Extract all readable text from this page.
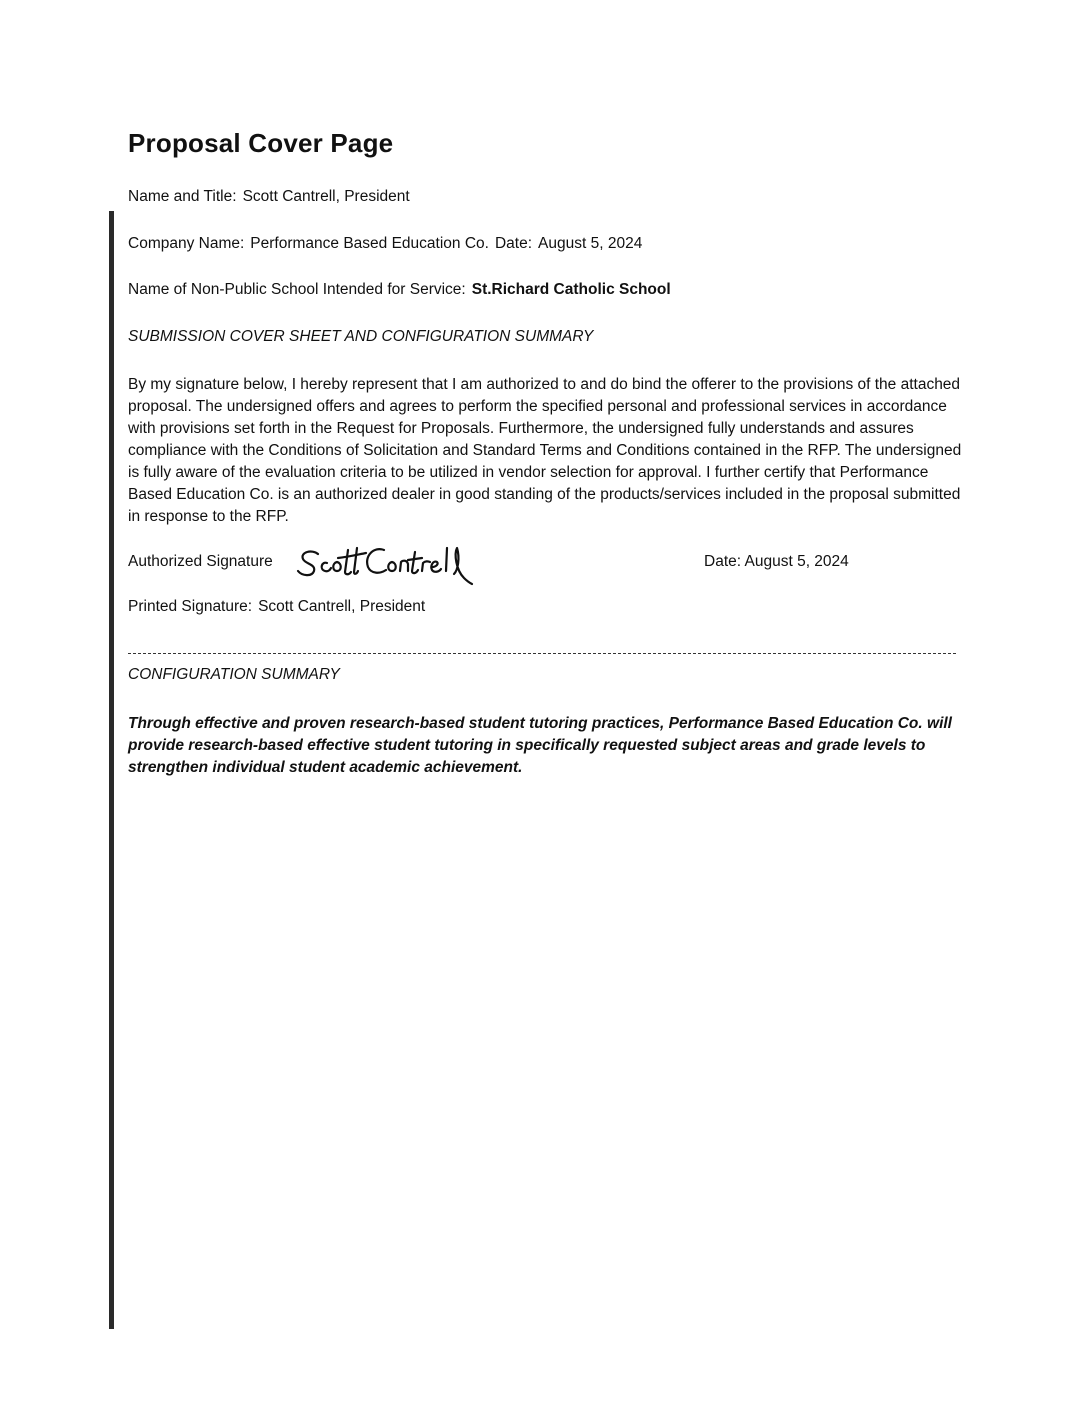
Proposal Cover Page
Name and Title: Scott Cantrell, President
Company Name: Performance Based Education Co. Date: August 5, 2024
Name of Non-Public School Intended for Service: St.Richard Catholic School
SUBMISSION COVER SHEET AND CONFIGURATION SUMMARY

By my signature below, I hereby represent that I am authorized to and do bind the offerer to the provisions of the attached proposal. The undersigned offers and agrees to perform the specified personal and professional services in accordance with provisions set forth in the Request for Proposals. Furthermore, the undersigned fully understands and assures compliance with the Conditions of Solicitation and Standard Terms and Conditions contained in the RFP. The undersigned is fully aware of the evaluation criteria to be utilized in vendor selection for approval. I further certify that Performance Based Education Co. is an authorized dealer in good standing of the products/services included in the proposal submitted in response to the RFP.

Authorized Signature	Date: August 5, 2024
Printed Signature: Scott Cantrell, President
CONFIGURATION SUMMARY

Through effective and proven research-based student tutoring practices, Performance Based Education Co. will provide research-based effective student tutoring in specifically requested subject areas and grade levels to strengthen individual student academic achievement.
